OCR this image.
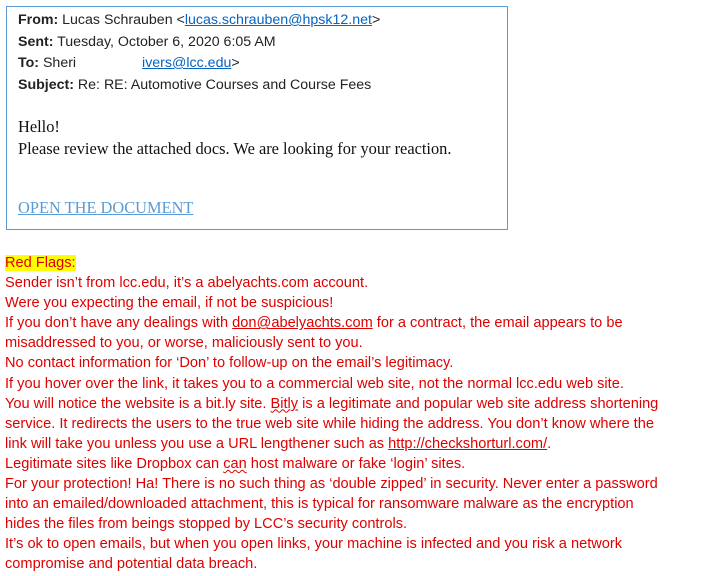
From: Lucas Schrauben <lucas.schrauben@hpsk12.net>
Sent: Tuesday, October 6, 2020 6:05 AM
To: Sheri	ivers@lcc.edu>
Subject: Re: RE: Automotive Courses and Course Fees
Hello!
Please review the attached docs. We are looking for your reaction.
OPEN THE DOCUMENT

Red Flags:

Sender isn’t from lcc.edu, it’s a abelyachts.com account.

Were you expecting the email, if not be suspicious!

If you don’t have any dealings with don@abelyachts.com for a contract, the email appears to be

misaddressed to you, or worse, maliciously sent to you.

No contact information for ‘Don’ to follow-up on the email’s legitimacy.

If you hover over the link, it takes you to a commercial web site, not the normal lcc.edu web site.

You will notice the website is a bit.ly site. Bitly is a legitimate and popular web site address shortening

service. It redirects the users to the true web site while hiding the address. You don’t know where the

link will take you unless you use a URL lengthener such as http://checkshorturl.com/.

Legitimate sites like Dropbox can can host malware or fake ‘login’ sites.

For your protection! Ha! There is no such thing as ‘double zipped’ in security. Never enter a password

into an emailed/downloaded attachment, this is typical for ransomware malware as the encryption

hides the files from beings stopped by LCC’s security controls.

It’s ok to open emails, but when you open links, your machine is infected and you risk a network

compromise and potential data breach.
